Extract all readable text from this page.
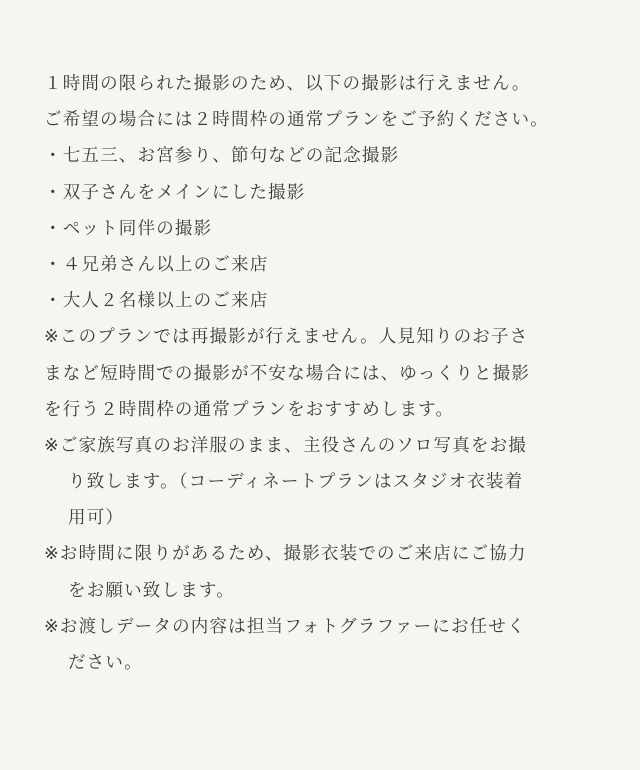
１時間の限られた撮影のため、以下の撮影は行えません。
ご希望の場合には２時間枠の通常プランをご予約ください。
・七五三、お宮参り、節句などの記念撮影
・双子さんをメインにした撮影
・ペット同伴の撮影
・４兄弟さん以上のご来店
・大人２名様以上のご来店
※このプランでは再撮影が行えません。人見知りのお子さ
まなど短時間での撮影が不安な場合には、ゆっくりと撮影
を行う２時間枠の通常プランをおすすめします。
※ご家族写真のお洋服のまま、主役さんのソロ写真をお撮
り致します。（コーディネートプランはスタジオ衣装着
用可）
※お時間に限りがあるため、撮影衣装でのご来店にご協力
をお願い致します。
※お渡しデータの内容は担当フォトグラファーにお任せく
ださい。
